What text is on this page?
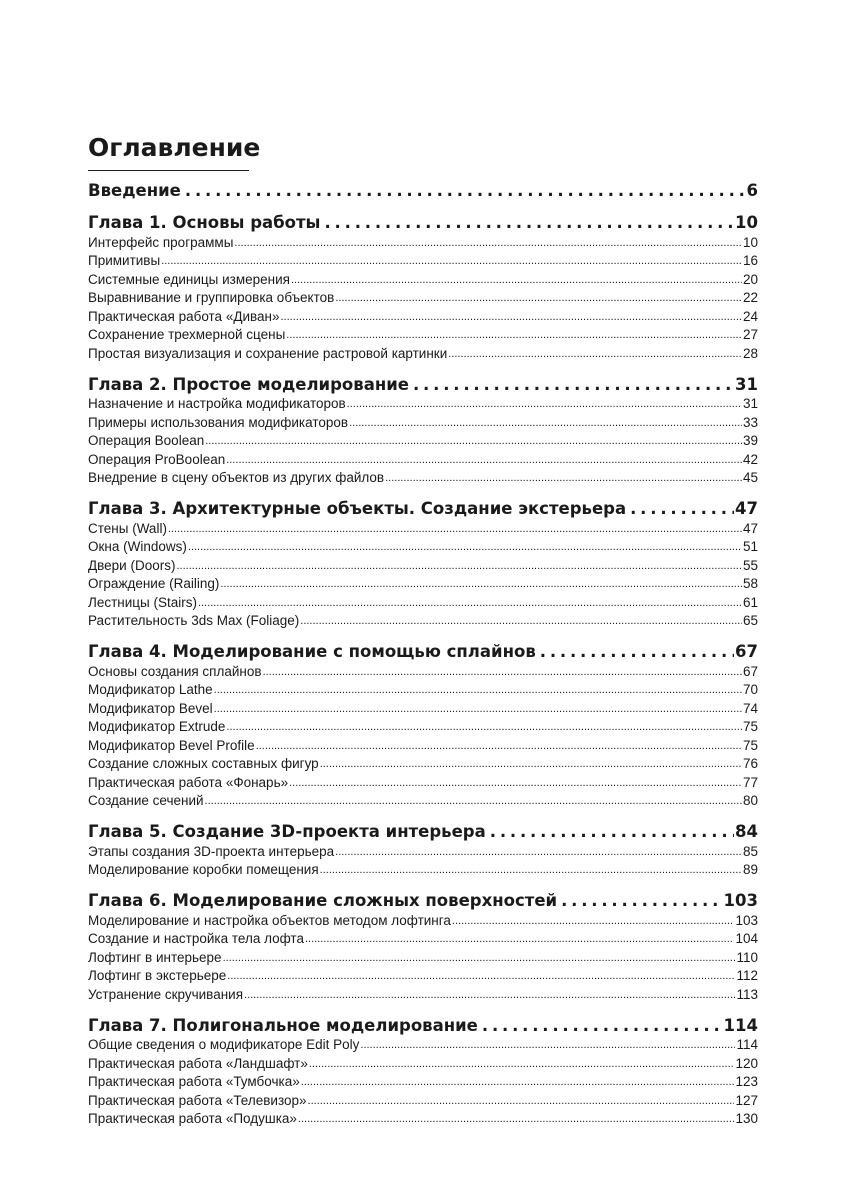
Оглавление
Введение .....	6
Глава 1. Основы работы .....	10
Интерфейс программы .....	10
Примитивы .....	16
Системные единицы измерения .....	20
Выравнивание и группировка объектов .....	22
Практическая работа «Диван» .....	24
Сохранение трехмерной сцены .....	27
Простая визуализация и сохранение растровой картинки .....	28
Глава 2. Простое моделирование .....	31
Назначение и настройка модификаторов .....	31
Примеры использования модификаторов .....	33
Операция Boolean .....	39
Операция ProBoolean .....	42
Внедрение в сцену объектов из других файлов .....	45
Глава 3. Архитектурные объекты. Создание экстерьера .....	47
Стены (Wall) .....	47
Окна (Windows) .....	51
Двери (Doors) .....	55
Ограждение (Railing) .....	58
Лестницы (Stairs) .....	61
Растительность 3ds Max (Foliage) .....	65
Глава 4. Моделирование с помощью сплайнов .....	67
Основы создания сплайнов .....	67
Модификатор Lathe .....	70
Модификатор Bevel .....	74
Модификатор Extrude .....	75
Модификатор Bevel Profile .....	75
Создание сложных составных фигур .....	76
Практическая работа «Фонарь» .....	77
Создание сечений .....	80
Глава 5. Создание 3D-проекта интерьера .....	84
Этапы создания 3D-проекта интерьера .....	85
Моделирование коробки помещения .....	89
Глава 6. Моделирование сложных поверхностей .....	103
Моделирование и настройка объектов методом лофтинга .....	103
Создание и настройка тела лофта .....	104
Лофтинг в интерьере .....	110
Лофтинг в экстерьере .....	112
Устранение скручивания .....	113
Глава 7. Полигональное моделирование .....	114
Общие сведения о модификаторе Edit Poly .....	114
Практическая работа «Ландшафт» .....	120
Практическая работа «Тумбочка» .....	123
Практическая работа «Телевизор» .....	127
Практическая работа «Подушка» .....	130
